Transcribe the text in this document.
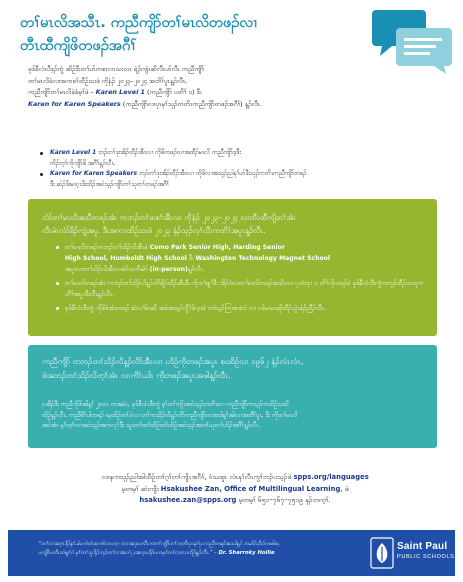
တၢ်မၤလိအသီၤ. ကညီကျိာ်တၢ်မၤလိတဖၣ်လၢ
တီၤထီကျိဖိတဖၣ်အဂီၢ်
ခုဒ်ခီလံၤပီဒ့ၣ်ကွံ ဆိဉ်ဒီးတၢ်ဟ်ကစၢလၤသးလၤ ရဲၣ်ကျဲၤဆိလီၤဟ်လီၤ ကညီကျိာ်
တၢ်မၤလိခဲလၢအကစၢ်ထီဉ်သးဖဲ ကိုနံၣ် ၂၀၂၃–၂၀၂၄ အတိၢ်ပူၤန့ၣ်လီၤ.
ကညီကျိာ်တၢ်မၤလိခဲခံမ့ၢ်ဖဲ – Karen Level 1 (ကညီကျိာ် ပတိၢ် ၁) ဒီး
Karen for Karen Speakers (ကညီကျိာ်လၢပုၤမ့ၢ်သုၣ်ကတိၤကညီကျိာ်တဖၣ်အဂီၢ်) န့ၣ်လီၤ.
Karen Level 1 ဘၣ်တၢ်ဒုးအိၣ်ထီၣ်အီၤလၢ ကိုဖိတဖၣ်လၢအထီၣ်မၤလိ ကညီကျိာ်ဒ့ဒီး
ကိၣ်တ့ၢ်ကိုကျိာ်ဖိ အဂီၢ်န့ၣ်လီၤ.
Karen for Karen Speakers ဘၣ်တၢ်ဒုးအိၣ်ထီၣ်အီၤလၢ ကိုဖိလၢအသုၣ်ညါနၢ်ဟ်ဒီးသုၣ်ကတိၤကညီကျိာ်တဖၣ်
ဒီး ဆဲၣ်ဒိးမၤဂ့ၤဒိးထိၣ်အဝဲသ့ၣ်ကျိာ်တၢ်သုတၢ်တဖၣ်အဂီၢ်
လံာ်တၢ်မၤလိအသီတဖၣ်အံၤ ကဘၣ်တၢ်ဖးစၢ်အီၤလၢ ကိုနံၣ် ၂၀၂၃–၂၀၂၄ လၢတီၤထီကျိတၢ်အံၤ
လီၤမံၤလံာ်ခိၣ်ကျဲအပူ. ဒီးအကၢးထိဉ်သးဖဲ ၂၀၂၃ နံၣ်သ့ၣ်လ့ၢ်လီၤကတိၢ်အပူၤန့ၣ်လီၤ.
တၢ်မၤလိတဖၣ်ကဘၣ်တၢ်သိၣ်လိအီၤဖဲ Como Park Senior High, Harding Senior
High School, Humboldt High School ဒီး Washington Technology Magnet School
အပူၤလၢတၢ်သိၣ်လိအီၤလၢမဲာ်သက်ိးမဲာ် (in-person)န့ၣ်လီၤ.
တၢ်မၤလိတဖၣ်အံၤ ကဘၣ်တၢ်သိၣ်လိန့ၣ်လိာ်ဖိုၣ်ထီၣ်အီၤဒီး ကိုတၢ်ဖျၢ်ဒီး အိၣ်ဝဲလၢတၢ်မၤလိတဖၣ်အသိၤလၢ ပှၤဝဲတ့ၤ ၁ တိၢ်ကိုတဖၣ်ဖဲ ခုဒ်ခီလံၤဒီးကွံကတုၣ်ထီၣ်ကဟုကဟီၢ်အပူၤဒီးလီၤန့ၣ်လီၤ.
ခုဒ်ခီလံၤဒီးကွံ ကိုဖိခဲအံၤတဖၣ် ဆဲလၢ်မဲၤဆိ အခဲအသ့ၣ်ကွီၢ်ဒ်လ့ၤဖဲ လၢဲသ့ၣ်ကြၢးစၢးလဲ လၢ လါမၤမၤဆိုထီၣ်သွဲၤခဲၣ်ညီၣ်လီၤ.
ကညီကျိာ် တဘၣ်တၢ်သိၣ်လိန့ၣ်လိာ်အီၤလၢ ပဒိဉ်ကိုတဖၣ်အပူၤ စးထိဉ်လၢ ၁၉၆၂ နံၣ်လံၤလံၤ,
ဖဲအဘၣ်တၢ်သိၣ်လိတ့ၢ်အံၤ လၢကိၢ်ယါၤ ကိုတဖၣ်အပူၤအဖါန့ၣ်လီၤ.
ပအိၣ်ဒီး ကညီကိုဖိအါန့ၢ် ၂၀၀၀ ကအမံၤ, ခုဒ်ခီလံၤဒီးကွံ မ့ၢ်တၢ်ကျိၤအဝဲသ့ၣ်တတိၤလၢ ကညီကျိာ်ကသ့ၣ်ကထိဉ်သထိ
ထိဉ်န့ၣ်လီၤ. ကညီစိၢ်ပါတဖၣ် ဃ့ထိဉ်တၢ်ဝဲလၢ တၢ်ကသိၣ်လိန့ၣ်လိာ်ကညီကျိာ်လၢအဒါန့ၢ်အါလၢအတီၢ်ပူၤ, ဒီး ကိုတၢ်မၤလိ
အဝဲအံၤ မ့ၢ်တ့ၢ်လၢအဝဲသ့ၣ်အကလုၢ်ဒီး သူၤတၢ်ဆၢ်ထိဉ်ထဲၢ်ထိဉ်အဝဲသ့ၣ်အတၢ်ယုတၢ်ဟိၣ်အဂီၢ်န့ၣ်လီၤ.
လၢနကသုၣ်ညါအါထီဉ်တၢ်ဂ့ၢ်တၢ်ကျိၤအဂီၢ်, ဝံသးစူၤ လဲၤနၢ်လီၤကွၢ်ဘၣ်ပသ့ၣ်ဖဲ spps.org/languages
မ့တမ့ၢ် ဆဲးကျိး Hsakushee Zan, Office of Multilingual Learning, ဖဲ
hsakushee.zan@spps.org မ့တမ့ၢ် ၆၅၁–၇၆၇–၇၅၁၉ နၣ်တက့ၢ်.
“တၢ်လၢအဂ့ၤဒိၣ်နၢ်ႉဖဲပကဲထံအကါလၢပက္ၢလၢအဒုးပလီၤကတၢ်ကျိာ်တၢ်ကတိၤပှၤမ့ၢ်ပှၤကညီတဖၣ်အသါနၣ် တခါဒ်သိးဒ်ကဖါဖၢ,
ပကျိာ်ပတိၤထဲဖျၢ်ဝဲ မ့ၢ်တၢ်သူဒိၣ်ဘၣ်တၢ်လၢအကံုးအတ့ပဒိၣ်ပကမ့ၢ်တၢ်လၢလၢလိဉ်န့ၣ်လီၤ.” – Dr. Sharroky Hollie
Saint Paul
PUBLIC SCHOOLS
